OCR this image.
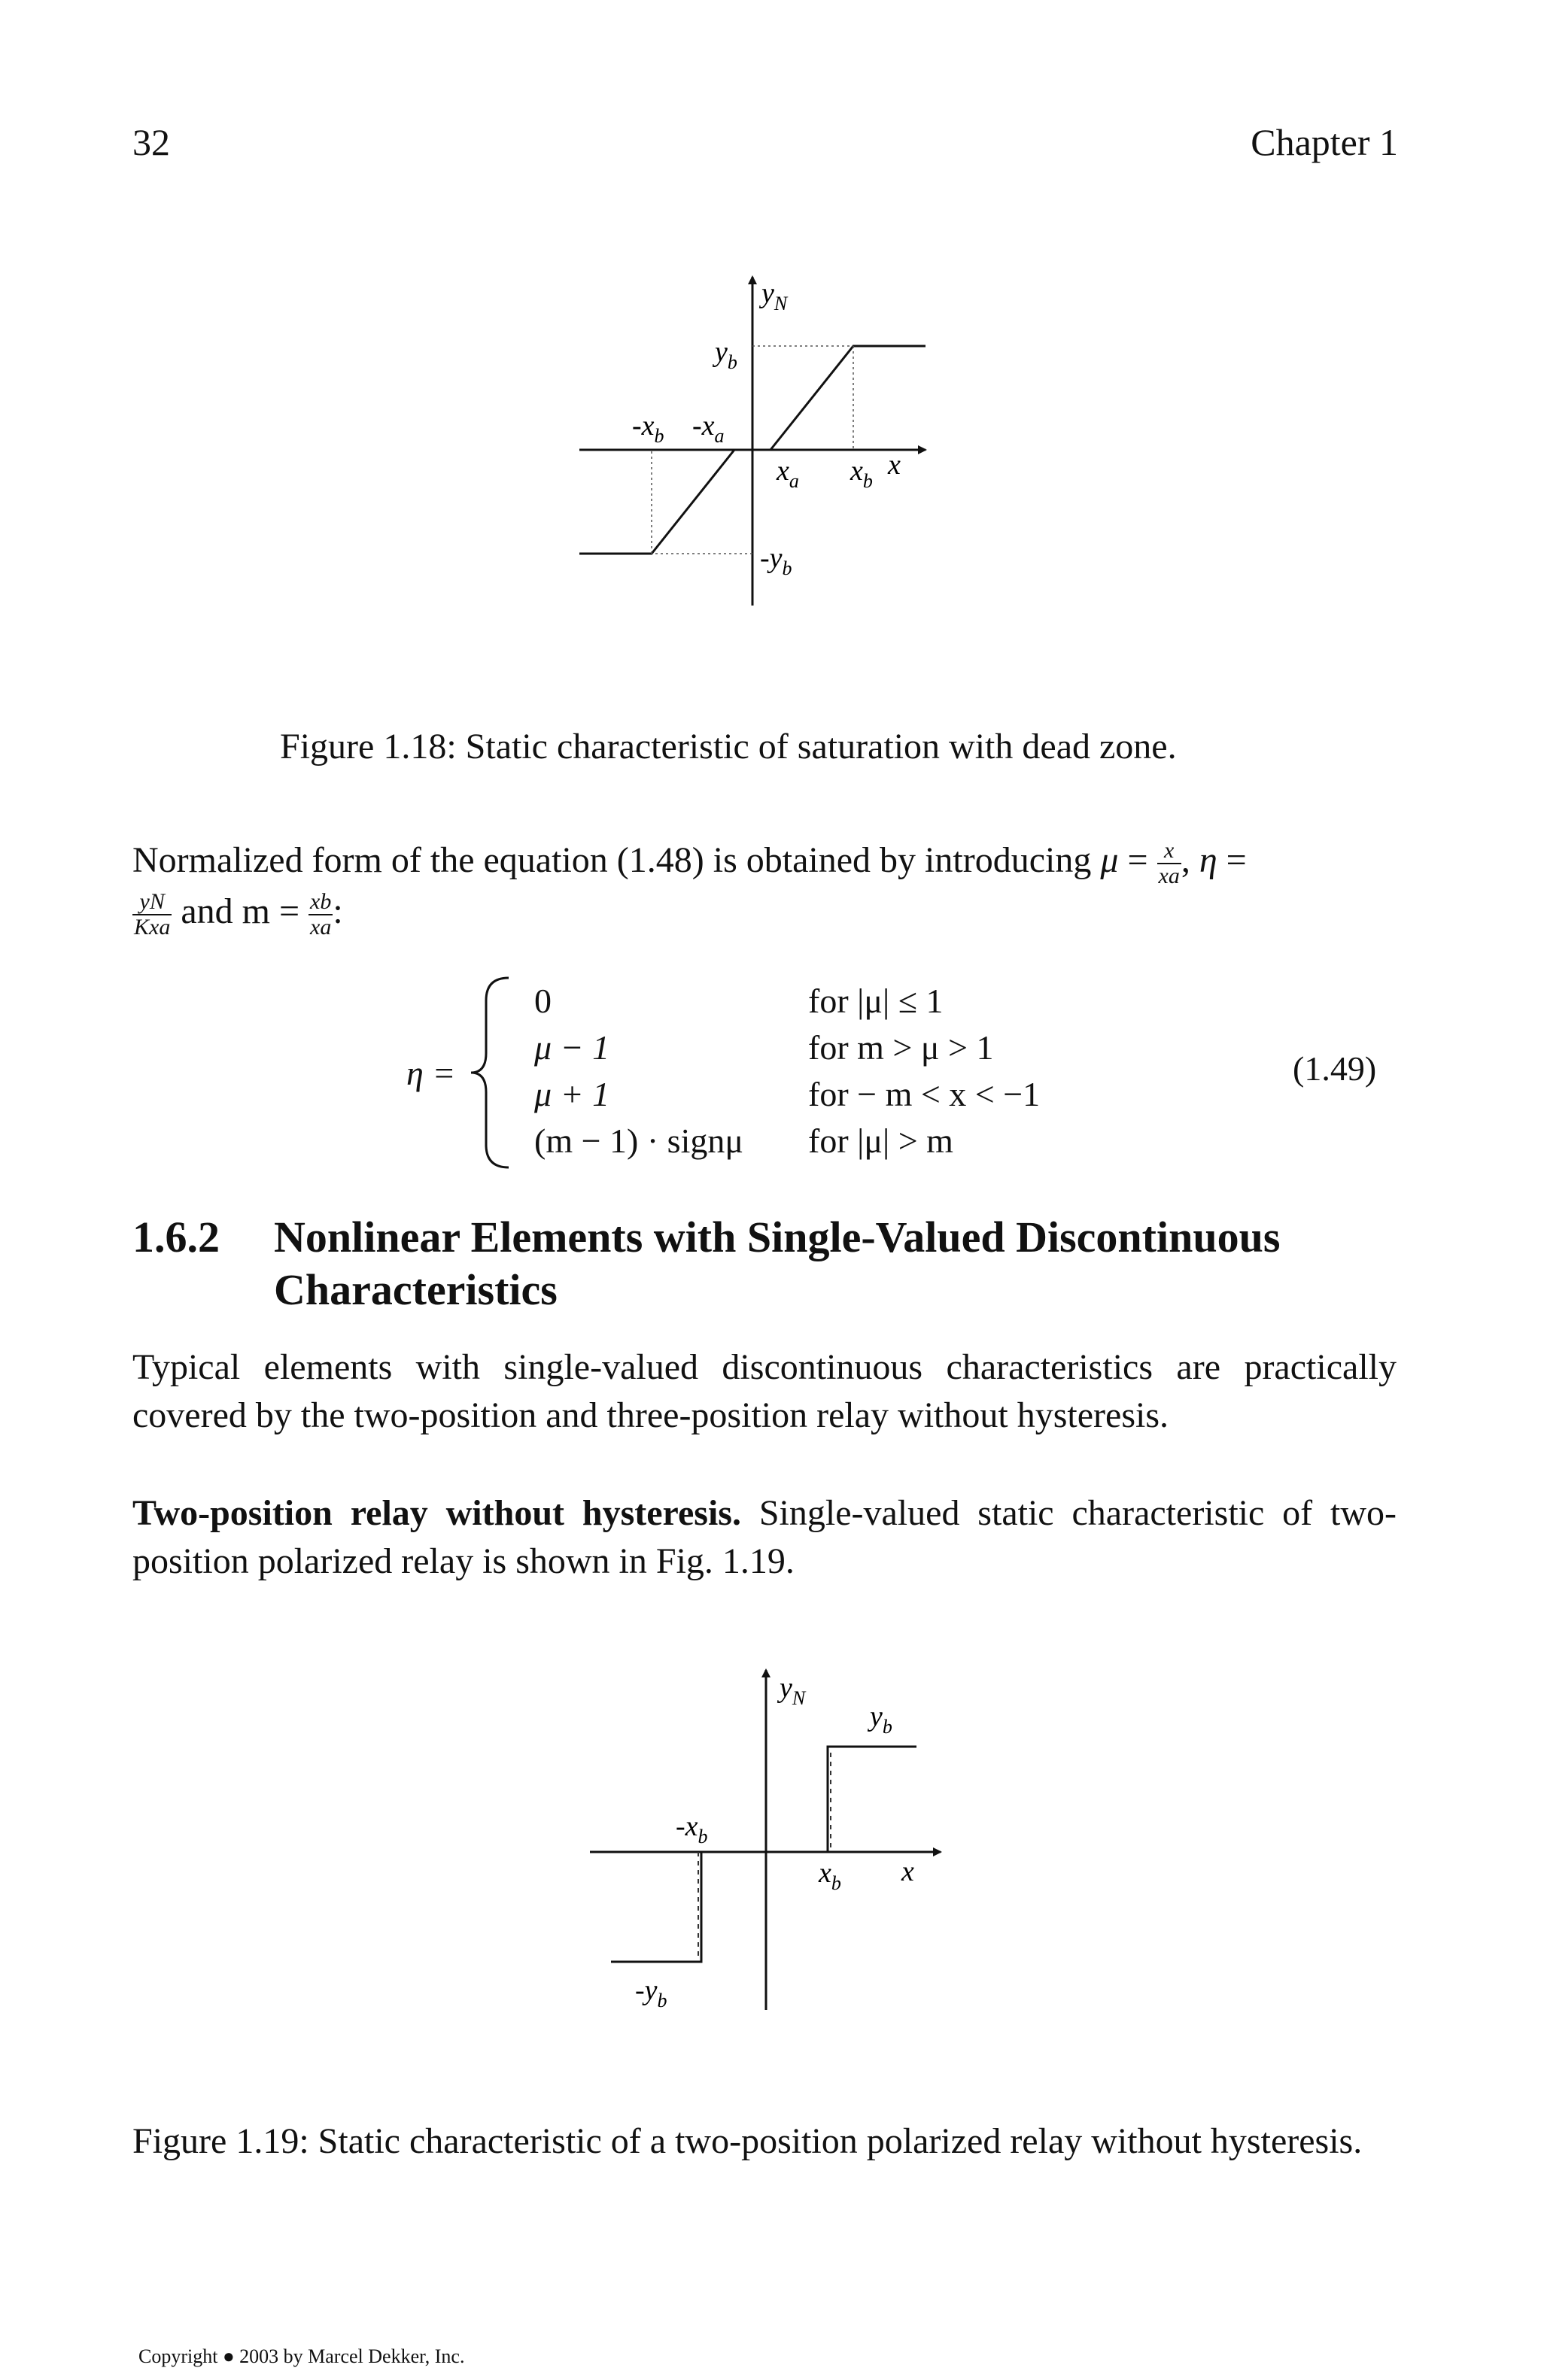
32	Chapter 1
$y_N$
$y_b$
$-x_b$ $-x_a$
$x_a$ $x_b$
x
$-y_b$
Figure 1.18: Static characteristic of saturation with dead zone.
Normalized form of the equation (1.48) is obtained by introducing $\mu = \frac{x}{xa}$ , η =
$\frac{yN}{\text{Kxa}}$ and $m = \frac{xb}{xa}$ :
η =
0
μ − 1
μ + 1
(m − 1) · signμ
for |μ| ≤ 1
for m > μ > 1
for − m < x < −1
for |μ| > m
(1.49)
1.6.2 Nonlinear Elements with Single-Valued Discontinuous
Characteristics
Typical elements with single-valued discontinuous characteristics are practically covered by the two-position and three-position relay without hysteresis.
Two-position relay without hysteresis. Single-valued static characteristic of two-position polarized relay is shown in Fig. 1.19.
$y_N$
$y_b$
$-x_b$
$x_b$ x
$-y_b$
Figure 1.19: Static characteristic of a two-position polarized relay without hysteresis.
Copyright ● 2003 by Marcel Dekker, Inc.
